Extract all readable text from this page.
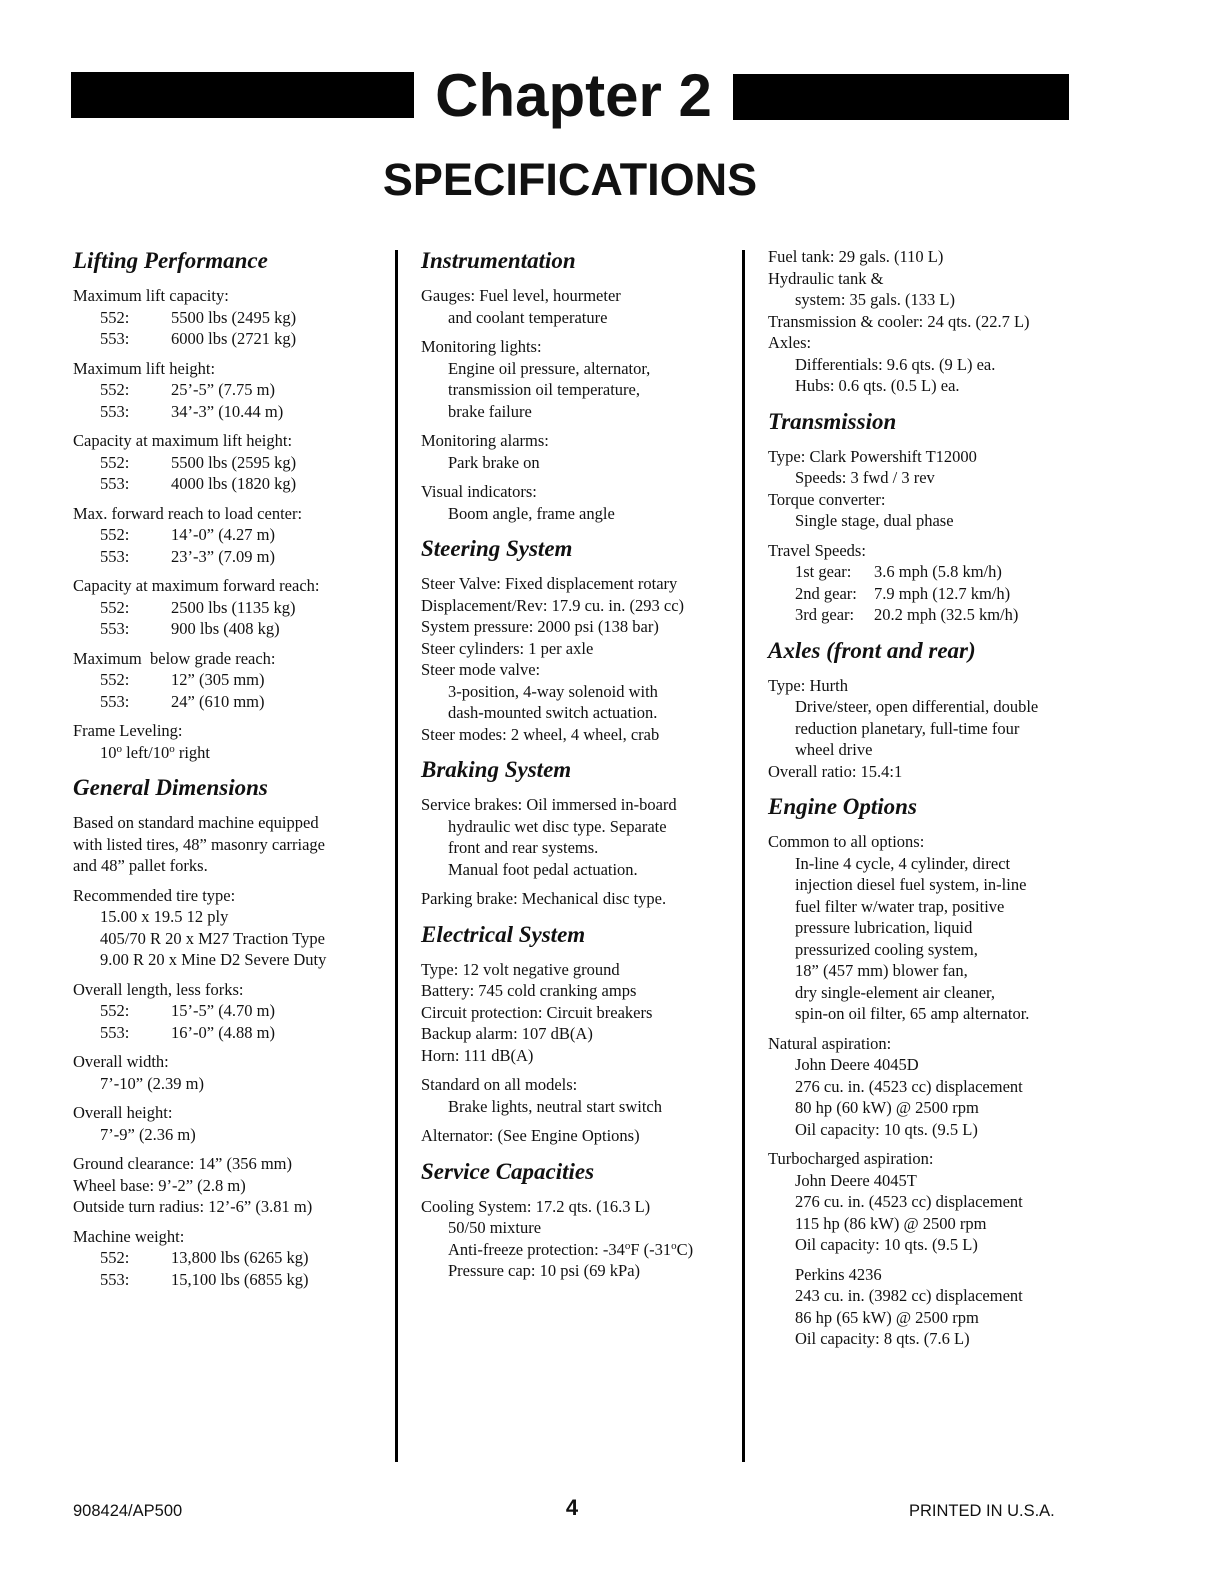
Chapter 2
SPECIFICATIONS
Lifting Performance
Maximum lift capacity:
552:	5500 lbs (2495 kg)
553:	6000 lbs (2721 kg)
Maximum lift height:
552:	25’-5” (7.75 m)
553:	34’-3” (10.44 m)
Capacity at maximum lift height:
552:	5500 lbs (2595 kg)
553:	4000 lbs (1820 kg)
Max. forward reach to load center:
552:	14’-0” (4.27 m)
553:	23’-3” (7.09 m)
Capacity at maximum forward reach:
552:	2500 lbs (1135 kg)
553:	900 lbs (408 kg)
Maximum  below grade reach:
552:	12” (305 mm)
553:	24” (610 mm)
Frame Leveling:
10$^o$ left/10$^o$ right
General Dimensions
Based on standard machine equipped
with listed tires, 48” masonry carriage
and 48” pallet forks.
Recommended tire type:
15.00 x 19.5 12 ply
405/70 R 20 x M27 Traction Type
9.00 R 20 x Mine D2 Severe Duty
Overall length, less forks:
552:	15’-5” (4.70 m)
553:	16’-0” (4.88 m)
Overall width:
7’-10” (2.39 m)
Overall height:
7’-9” (2.36 m)
Ground clearance: 14” (356 mm)
Wheel base: 9’-2” (2.8 m)
Outside turn radius: 12’-6” (3.81 m)
Machine weight:
552:	13,800 lbs (6265 kg)
553:	15,100 lbs (6855 kg)
Instrumentation
Gauges: Fuel level, hourmeter
and coolant temperature
Monitoring lights:
Engine oil pressure, alternator,
transmission oil temperature,
brake failure
Monitoring alarms:
Park brake on
Visual indicators:
Boom angle, frame angle
Steering System
Steer Valve: Fixed displacement rotary
Displacement/Rev: 17.9 cu. in. (293 cc)
System pressure: 2000 psi (138 bar)
Steer cylinders: 1 per axle
Steer mode valve:
3-position, 4-way solenoid with
dash-mounted switch actuation.
Steer modes: 2 wheel, 4 wheel, crab
Braking System
Service brakes: Oil immersed in-board
hydraulic wet disc type. Separate
front and rear systems.
Manual foot pedal actuation.
Parking brake: Mechanical disc type.
Electrical System
Type: 12 volt negative ground
Battery: 745 cold cranking amps
Circuit protection: Circuit breakers
Backup alarm: 107 dB(A)
Horn: 111 dB(A)
Standard on all models:
Brake lights, neutral start switch
Alternator: (See Engine Options)
Service Capacities
Cooling System: 17.2 qts. (16.3 L)
50/50 mixture
Anti-freeze protection: -34$^o$F (-31$^o$C)
Pressure cap: 10 psi (69 kPa)
Fuel tank: 29 gals. (110 L)
Hydraulic tank &
system: 35 gals. (133 L)
Transmission & cooler: 24 qts. (22.7 L)
Axles:
Differentials: 9.6 qts. (9 L) ea.
Hubs: 0.6 qts. (0.5 L) ea.
Transmission
Type: Clark Powershift T12000
Speeds: 3 fwd / 3 rev
Torque converter:
Single stage, dual phase
Travel Speeds:
1st gear: 3.6 mph (5.8 km/h)
2nd gear: 7.9 mph (12.7 km/h)
3rd gear: 20.2 mph (32.5 km/h)
Axles (front and rear)
Type: Hurth
Drive/steer, open differential, double
reduction planetary, full-time four
wheel drive
Overall ratio: 15.4:1
Engine Options
Common to all options:
In-line 4 cycle, 4 cylinder, direct
injection diesel fuel system, in-line
fuel filter w/water trap, positive
pressure lubrication, liquid
pressurized cooling system,
18” (457 mm) blower fan,
dry single-element air cleaner,
spin-on oil filter, 65 amp alternator.
Natural aspiration:
John Deere 4045D
276 cu. in. (4523 cc) displacement
80 hp (60 kW) @ 2500 rpm
Oil capacity: 10 qts. (9.5 L)
Turbocharged aspiration:
John Deere 4045T
276 cu. in. (4523 cc) displacement
115 hp (86 kW) @ 2500 rpm
Oil capacity: 10 qts. (9.5 L)
Perkins 4236
243 cu. in. (3982 cc) displacement
86 hp (65 kW) @ 2500 rpm
Oil capacity: 8 qts. (7.6 L)
908424/AP500	4	PRINTED IN U.S.A.
